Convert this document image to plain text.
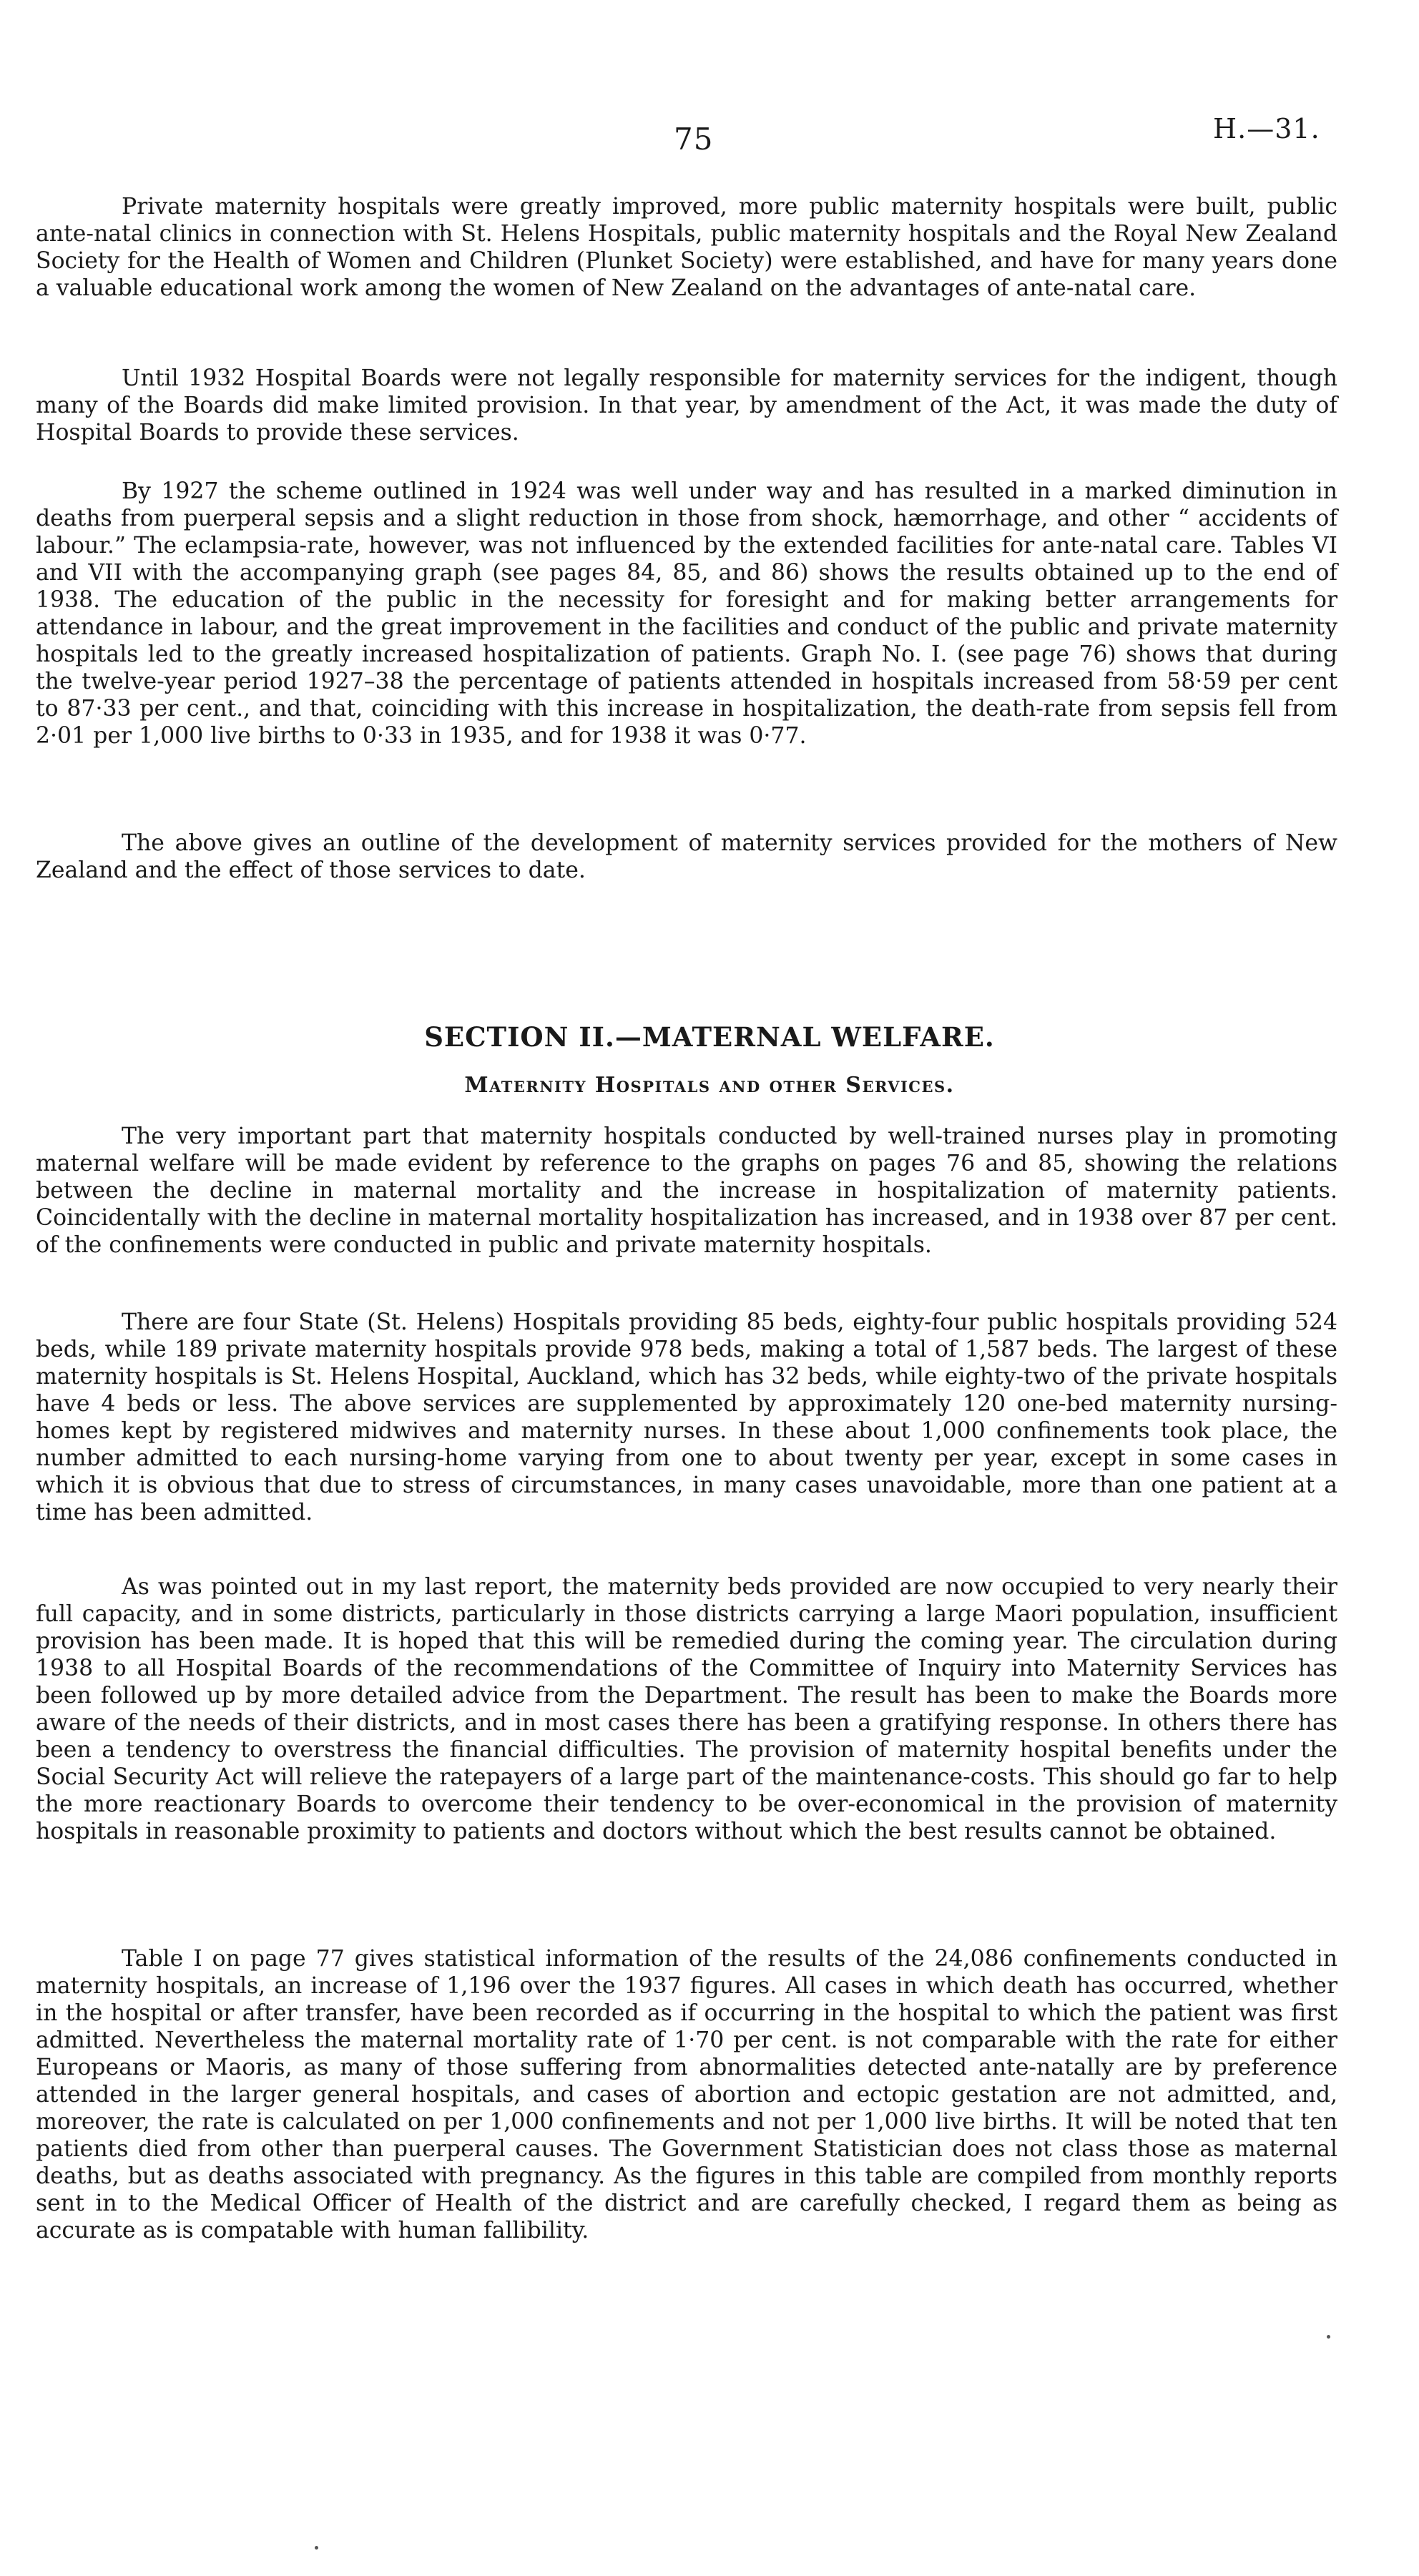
75	H.—31.

Private maternity hospitals were greatly improved, more public maternity hospitals were built, public ante-natal clinics in connection with St. Helens Hospitals, public maternity hospitals and the Royal New Zealand Society for the Health of Women and Children (Plunket Society) were established, and have for many years done a valuable educational work among the women of New Zealand on the advantages of ante-natal care.

Until 1932 Hospital Boards were not legally responsible for maternity services for the indigent, though many of the Boards did make limited provision. In that year, by amendment of the Act, it was made the duty of Hospital Boards to provide these services.

By 1927 the scheme outlined in 1924 was well under way and has resulted in a marked diminution in deaths from puerperal sepsis and a slight reduction in those from shock, hæmorrhage, and other “ accidents of labour.” The eclampsia-rate, however, was not influenced by the extended facilities for ante-natal care. Tables VI and VII with the accompanying graph (see pages 84, 85, and 86) shows the results obtained up to the end of 1938. The education of the public in the necessity for foresight and for making better arrangements for attendance in labour, and the great improvement in the facilities and conduct of the public and private maternity hospitals led to the greatly increased hospitalization of patients. Graph No. I. (see page 76) shows that during the twelve-year period 1927–38 the percentage of patients attended in hospitals increased from 58·59 per cent to 87·33 per cent., and that, coinciding with this increase in hospitalization, the death-rate from sepsis fell from 2·01 per 1,000 live births to 0·33 in 1935, and for 1938 it was 0·77.

The above gives an outline of the development of maternity services provided for the mothers of New Zealand and the effect of those services to date.

SECTION II.—MATERNAL WELFARE.
Maternity Hospitals and other Services.

The very important part that maternity hospitals conducted by well-trained nurses play in promoting maternal welfare will be made evident by reference to the graphs on pages 76 and 85, showing the relations between the decline in maternal mortality and the increase in hospitalization of maternity patients. Coincidentally with the decline in maternal mortality hospitalization has increased, and in 1938 over 87 per cent. of the confinements were conducted in public and private maternity hospitals.

There are four State (St. Helens) Hospitals providing 85 beds, eighty-four public hospitals providing 524 beds, while 189 private maternity hospitals provide 978 beds, making a total of 1,587 beds. The largest of these maternity hospitals is St. Helens Hospital, Auckland, which has 32 beds, while eighty-two of the private hospitals have 4 beds or less. The above services are supplemented by approximately 120 one-bed maternity nursing-homes kept by registered midwives and maternity nurses. In these about 1,000 confinements took place, the number admitted to each nursing-home varying from one to about twenty per year, except in some cases in which it is obvious that due to stress of circumstances, in many cases unavoidable, more than one patient at a time has been admitted.

As was pointed out in my last report, the maternity beds provided are now occupied to very nearly their full capacity, and in some districts, particularly in those districts carrying a large Maori population, insufficient provision has been made. It is hoped that this will be remedied during the coming year. The circulation during 1938 to all Hospital Boards of the recommendations of the Committee of Inquiry into Maternity Services has been followed up by more detailed advice from the Department. The result has been to make the Boards more aware of the needs of their districts, and in most cases there has been a gratifying response. In others there has been a tendency to overstress the financial difficulties. The provision of maternity hospital benefits under the Social Security Act will relieve the ratepayers of a large part of the maintenance-costs. This should go far to help the more reactionary Boards to overcome their tendency to be over-economical in the provision of maternity hospitals in reasonable proximity to patients and doctors without which the best results cannot be obtained.

Table I on page 77 gives statistical information of the results of the 24,086 confinements conducted in maternity hospitals, an increase of 1,196 over the 1937 figures. All cases in which death has occurred, whether in the hospital or after transfer, have been recorded as if occurring in the hospital to which the patient was first admitted. Nevertheless the maternal mortality rate of 1·70 per cent. is not comparable with the rate for either Europeans or Maoris, as many of those suffering from abnormalities detected ante-natally are by preference attended in the larger general hospitals, and cases of abortion and ectopic gestation are not admitted, and, moreover, the rate is calculated on per 1,000 confinements and not per 1,000 live births. It will be noted that ten patients died from other than puerperal causes. The Government Statistician does not class those as maternal deaths, but as deaths associated with pregnancy. As the figures in this table are compiled from monthly reports sent in to the Medical Officer of Health of the district and are carefully checked, I regard them as being as accurate as is compatable with human fallibility.
